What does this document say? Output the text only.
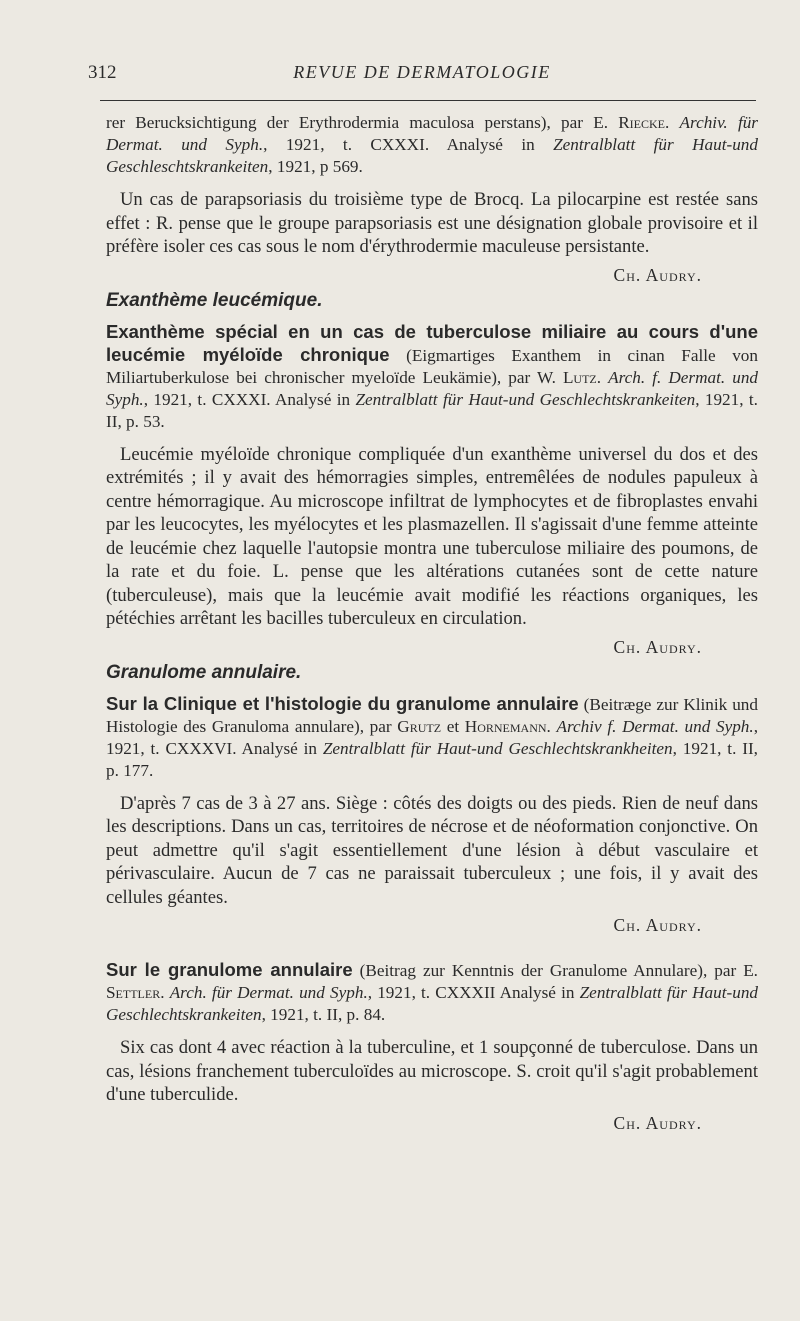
312	REVUE DE DERMATOLOGIE

rer Berucksichtigung der Erythrodermia maculosa perstans), par E. Riecke. Archiv. für Dermat. und Syph., 1921, t. CXXXI. Analysé in Zentralblatt für Haut-und Geschleschtskrankeiten, 1921, p 569.

Un cas de parapsoriasis du troisième type de Brocq. La pilocarpine est restée sans effet : R. pense que le groupe parapsoriasis est une désignation globale provisoire et il préfère isoler ces cas sous le nom d'érythrodermie maculeuse persistante.

Ch. Audry.
Exanthème leucémique.

Exanthème spécial en un cas de tuberculose miliaire au cours d'une leucémie myéloïde chronique (Eigmartiges Exanthem in cinan Falle von Miliartuberkulose bei chronischer myeloïde Leukämie), par W. Lutz. Arch. f. Dermat. und Syph., 1921, t. CXXXI. Analysé in Zentralblatt für Haut-und Geschlechtskrankeiten, 1921, t. II, p. 53.

Leucémie myéloïde chronique compliquée d'un exanthème universel du dos et des extrémités ; il y avait des hémorragies simples, entremêlées de nodules papuleux à centre hémorragique. Au microscope infiltrat de lymphocytes et de fibroplastes envahi par les leucocytes, les myélocytes et les plasmazellen. Il s'agissait d'une femme atteinte de leucémie chez laquelle l'autopsie montra une tuberculose miliaire des poumons, de la rate et du foie. L. pense que les altérations cutanées sont de cette nature (tuberculeuse), mais que la leucémie avait modifié les réactions organiques, les pétéchies arrêtant les bacilles tuberculeux en circulation.

Ch. Audry.
Granulome annulaire.

Sur la Clinique et l'histologie du granulome annulaire (Beitræge zur Klinik und Histologie des Granuloma annulare), par Grutz et Hornemann. Archiv f. Dermat. und Syph., 1921, t. CXXXVI. Analysé in Zentralblatt für Haut-und Geschlechtskrankheiten, 1921, t. II, p. 177.

D'après 7 cas de 3 à 27 ans. Siège : côtés des doigts ou des pieds. Rien de neuf dans les descriptions. Dans un cas, territoires de nécrose et de néoformation conjonctive. On peut admettre qu'il s'agit essentiellement d'une lésion à début vasculaire et périvasculaire. Aucun de 7 cas ne paraissait tuberculeux ; une fois, il y avait des cellules géantes.

Ch. Audry.

Sur le granulome annulaire (Beitrag zur Kenntnis der Granulome Annulare), par E. Settler. Arch. für Dermat. und Syph., 1921, t. CXXXII Analysé in Zentralblatt für Haut-und Geschlechtskrankeiten, 1921, t. II, p. 84.

Six cas dont 4 avec réaction à la tuberculine, et 1 soupçonné de tuberculose. Dans un cas, lésions franchement tuberculoïdes au microscope. S. croit qu'il s'agit probablement d'une tuberculide.

Ch. Audry.
